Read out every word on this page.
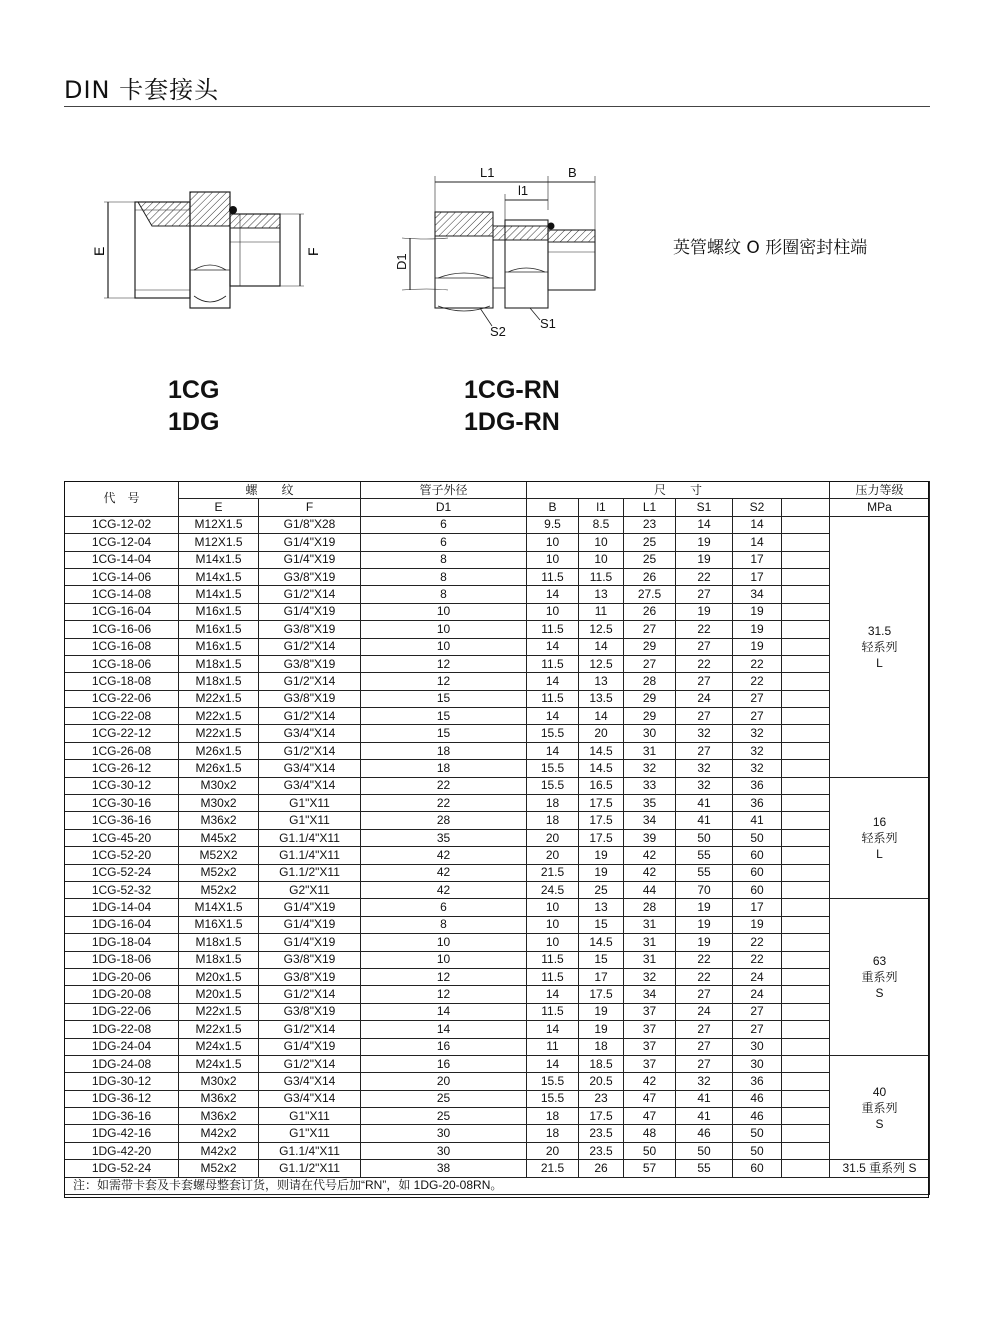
DIN 卡套接头
E	F
L1	B
l1
D1
S2
S1
1CG
1DG
1CG-RN
1DG-RN
英管螺纹 O 形圈密封柱端
代　号	螺　　纹		管子外径	尺　　寸						压力等级
	E	F	D1	B	l1	L1	S1	S2		MPa
1CG-12-02	M12X1.5	G1/8"X28	6	9.5	8.5	23	14	14		31.5
轻系列
L

1CG-12-04	M12X1.5	G1/4"X19	6	10	10	25	19	14		
1CG-14-04	M14x1.5	G1/4"X19	8	10	10	25	19	17		
1CG-14-06	M14x1.5	G3/8"X19	8	11.5	11.5	26	22	17		
1CG-14-08	M14x1.5	G1/2"X14	8	14	13	27.5	27	34		
1CG-16-04	M16x1.5	G1/4"X19	10	10	11	26	19	19		
1CG-16-06	M16x1.5	G3/8"X19	10	11.5	12.5	27	22	19		
1CG-16-08	M16x1.5	G1/2"X14	10	14	14	29	27	19		
1CG-18-06	M18x1.5	G3/8"X19	12	11.5	12.5	27	22	22		
1CG-18-08	M18x1.5	G1/2"X14	12	14	13	28	27	22		
1CG-22-06	M22x1.5	G3/8"X19	15	11.5	13.5	29	24	27		
1CG-22-08	M22x1.5	G1/2"X14	15	14	14	29	27	27		
1CG-22-12	M22x1.5	G3/4"X14	15	15.5	20	30	32	32		
1CG-26-08	M26x1.5	G1/2"X14	18	14	14.5	31	27	32		
1CG-26-12	M26x1.5	G3/4"X14	18	15.5	14.5	32	32	32		
1CG-30-12	M30x2	G3/4"X14	22	15.5	16.5	33	32	36		16
轻系列
L

1CG-30-16	M30x2	G1"X11	22	18	17.5	35	41	36		
1CG-36-16	M36x2	G1"X11	28	18	17.5	34	41	41		
1CG-45-20	M45x2	G1.1/4"X11	35	20	17.5	39	50	50		
1CG-52-20	M52X2	G1.1/4"X11	42	20	19	42	55	60		
1CG-52-24	M52x2	G1.1/2"X11	42	21.5	19	42	55	60		
1CG-52-32	M52x2	G2"X11	42	24.5	25	44	70	60		
1DG-14-04	M14X1.5	G1/4"X19	6	10	13	28	19	17		63
重系列
S

1DG-16-04	M16X1.5	G1/4"X19	8	10	15	31	19	19		
1DG-18-04	M18x1.5	G1/4"X19	10	10	14.5	31	19	22		
1DG-18-06	M18x1.5	G3/8"X19	10	11.5	15	31	22	22		
1DG-20-06	M20x1.5	G3/8"X19	12	11.5	17	32	22	24		
1DG-20-08	M20x1.5	G1/2"X14	12	14	17.5	34	27	24		
1DG-22-06	M22x1.5	G3/8"X19	14	11.5	19	37	24	27		
1DG-22-08	M22x1.5	G1/2"X14	14	14	19	37	27	27		
1DG-24-04	M24x1.5	G1/4"X19	16	11	18	37	27	30		
1DG-24-08	M24x1.5	G1/2"X14	16	14	18.5	37	27	30		40
重系列
S

1DG-30-12	M30x2	G3/4"X14	20	15.5	20.5	42	32	36		
1DG-36-12	M36x2	G3/4"X14	25	15.5	23	47	41	46		
1DG-36-16	M36x2	G1"X11	25	18	17.5	47	41	46		
1DG-42-16	M42x2	G1"X11	30	18	23.5	48	46	50		
1DG-42-20	M42x2	G1.1/4"X11	30	20	23.5	50	50	50		
1DG-52-24	M52x2	G1.1/2"X11	38	21.5	26	57	55	60		31.5 重系列 S

注：如需带卡套及卡套螺母整套订货，则请在代号后加“RN”，如 1DG-20-08RN。										
